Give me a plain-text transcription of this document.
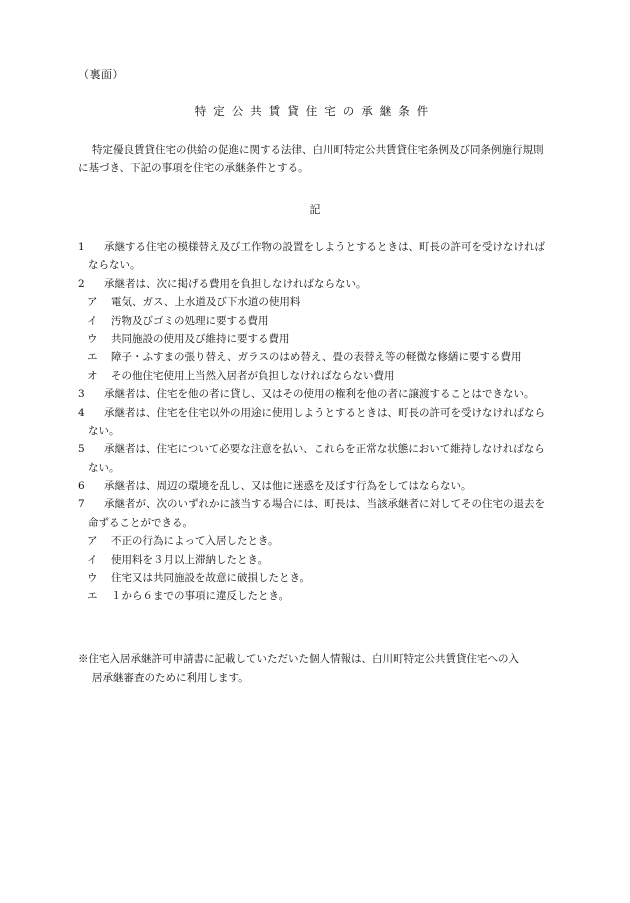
（裏面）
特定公共賃貸住宅の承継条件
特定優良賃貸住宅の供給の促進に関する法律、白川町特定公共賃貸住宅条例及び同条例施行規則
に基づき、下記の事項を住宅の承継条件とする。
記
1 承継する住宅の模様替え及び工作物の設置をしようとするときは、町長の許可を受けなければ
ならない。
2 承継者は、次に掲げる費用を負担しなければならない。
ア 電気、ガス、上水道及び下水道の使用料
イ 汚物及びゴミの処理に要する費用
ウ 共同施設の使用及び維持に要する費用
エ 障子・ふすまの張り替え、ガラスのはめ替え、畳の表替え等の軽微な修繕に要する費用
オ その他住宅使用上当然入居者が負担しなければならない費用
3 承継者は、住宅を他の者に貸し、又はその使用の権利を他の者に譲渡することはできない。
4 承継者は、住宅を住宅以外の用途に使用しようとするときは、町長の許可を受けなければなら
ない。
5 承継者は、住宅について必要な注意を払い、これらを正常な状態において維持しなければなら
ない。
6 承継者は、周辺の環境を乱し、又は他に迷惑を及ぼす行為をしてはならない。
7 承継者が、次のいずれかに該当する場合には、町長は、当該承継者に対してその住宅の退去を
命ずることができる。
ア 不正の行為によって入居したとき。
イ 使用料を３月以上滞納したとき。
ウ 住宅又は共同施設を故意に破損したとき。
エ １から６までの事項に違反したとき。
※住宅入居承継許可申請書に記載していただいた個人情報は、白川町特定公共賃貸住宅への入
居承継審査のために利用します。
